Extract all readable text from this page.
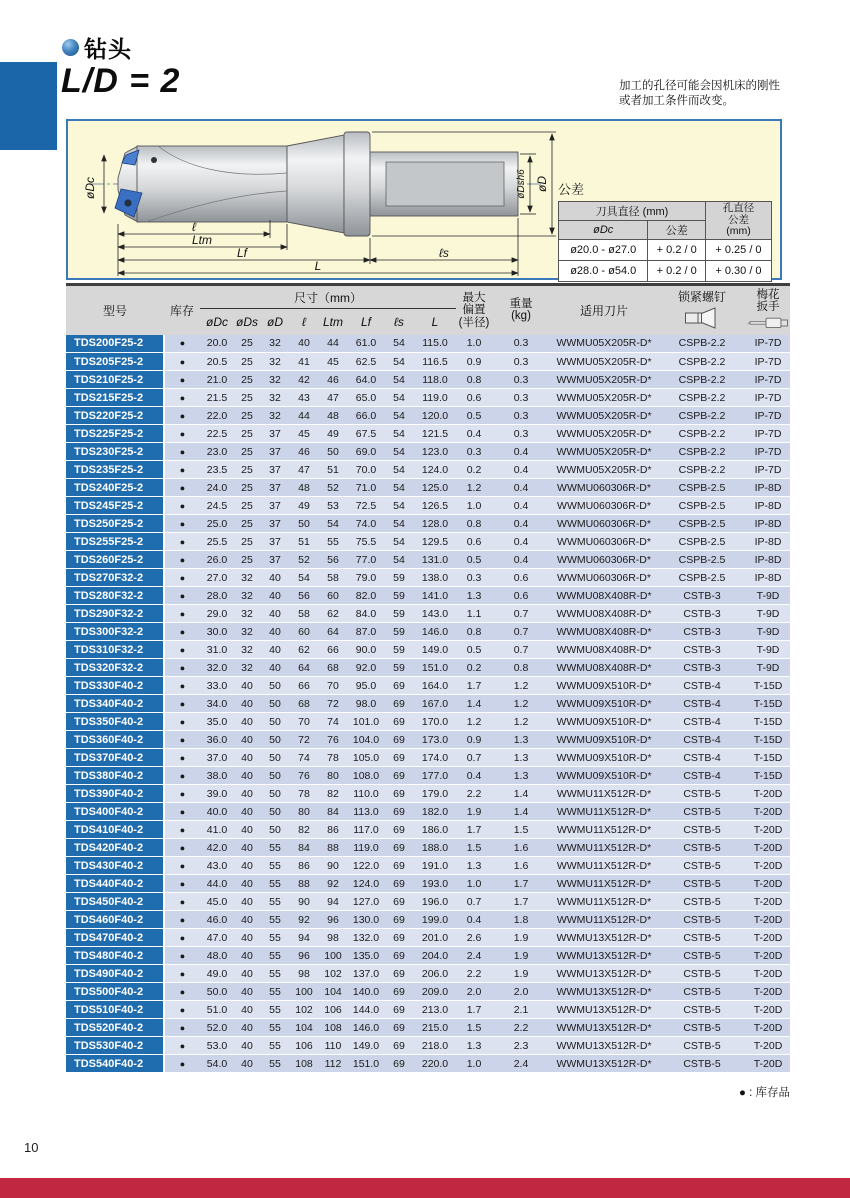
钻头
L/D = 2	加工的孔径可能会因机床的刚性
或者加工条件而改变。
øDc
ℓ
Ltm
Lf	ℓs
L
øDsh6 øD 公差
刀具直径 (mm)		孔直径
公差
(mm)

øDc	公差	
ø20.0 - ø27.0	+ 0.2 / 0	+ 0.25 / 0
ø28.0 - ø54.0	+ 0.2 / 0	+ 0.30 / 0
型号	库存	尺寸（mm）	最大
偏置
(半径)

重量
(kg)	适用刀片	
锁紧螺钉	梅花
扳手

		øDc	øDs	øD	ℓ	Ltm	Lf	ℓs	L					
TDS200F25-2	●	20.0	25	32	40	44	61.0	54	115.0	1.0	0.3	WWMU05X205R-D*	CSPB-2.2	IP-7D
TDS205F25-2	●	20.5	25	32	41	45	62.5	54	116.5	0.9	0.3	WWMU05X205R-D*	CSPB-2.2	IP-7D
TDS210F25-2	●	21.0	25	32	42	46	64.0	54	118.0	0.8	0.3	WWMU05X205R-D*	CSPB-2.2	IP-7D
TDS215F25-2	●	21.5	25	32	43	47	65.0	54	119.0	0.6	0.3	WWMU05X205R-D*	CSPB-2.2	IP-7D
TDS220F25-2	●	22.0	25	32	44	48	66.0	54	120.0	0.5	0.3	WWMU05X205R-D*	CSPB-2.2	IP-7D
TDS225F25-2	●	22.5	25	37	45	49	67.5	54	121.5	0.4	0.3	WWMU05X205R-D*	CSPB-2.2	IP-7D
TDS230F25-2	●	23.0	25	37	46	50	69.0	54	123.0	0.3	0.4	WWMU05X205R-D*	CSPB-2.2	IP-7D
TDS235F25-2	●	23.5	25	37	47	51	70.0	54	124.0	0.2	0.4	WWMU05X205R-D*	CSPB-2.2	IP-7D
TDS240F25-2	●	24.0	25	37	48	52	71.0	54	125.0	1.2	0.4	WWMU060306R-D*	CSPB-2.5	IP-8D
TDS245F25-2	●	24.5	25	37	49	53	72.5	54	126.5	1.0	0.4	WWMU060306R-D*	CSPB-2.5	IP-8D
TDS250F25-2	●	25.0	25	37	50	54	74.0	54	128.0	0.8	0.4	WWMU060306R-D*	CSPB-2.5	IP-8D
TDS255F25-2	●	25.5	25	37	51	55	75.5	54	129.5	0.6	0.4	WWMU060306R-D*	CSPB-2.5	IP-8D
TDS260F25-2	●	26.0	25	37	52	56	77.0	54	131.0	0.5	0.4	WWMU060306R-D*	CSPB-2.5	IP-8D
TDS270F32-2	●	27.0	32	40	54	58	79.0	59	138.0	0.3	0.6	WWMU060306R-D*	CSPB-2.5	IP-8D
TDS280F32-2	●	28.0	32	40	56	60	82.0	59	141.0	1.3	0.6	WWMU08X408R-D*	CSTB-3	T-9D
TDS290F32-2	●	29.0	32	40	58	62	84.0	59	143.0	1.1	0.7	WWMU08X408R-D*	CSTB-3	T-9D
TDS300F32-2	●	30.0	32	40	60	64	87.0	59	146.0	0.8	0.7	WWMU08X408R-D*	CSTB-3	T-9D
TDS310F32-2	●	31.0	32	40	62	66	90.0	59	149.0	0.5	0.7	WWMU08X408R-D*	CSTB-3	T-9D
TDS320F32-2	●	32.0	32	40	64	68	92.0	59	151.0	0.2	0.8	WWMU08X408R-D*	CSTB-3	T-9D
TDS330F40-2	●	33.0	40	50	66	70	95.0	69	164.0	1.7	1.2	WWMU09X510R-D*	CSTB-4	T-15D
TDS340F40-2	●	34.0	40	50	68	72	98.0	69	167.0	1.4	1.2	WWMU09X510R-D*	CSTB-4	T-15D
TDS350F40-2	●	35.0	40	50	70	74	101.0	69	170.0	1.2	1.2	WWMU09X510R-D*	CSTB-4	T-15D
TDS360F40-2	●	36.0	40	50	72	76	104.0	69	173.0	0.9	1.3	WWMU09X510R-D*	CSTB-4	T-15D
TDS370F40-2	●	37.0	40	50	74	78	105.0	69	174.0	0.7	1.3	WWMU09X510R-D*	CSTB-4	T-15D
TDS380F40-2	●	38.0	40	50	76	80	108.0	69	177.0	0.4	1.3	WWMU09X510R-D*	CSTB-4	T-15D
TDS390F40-2	●	39.0	40	50	78	82	110.0	69	179.0	2.2	1.4	WWMU11X512R-D*	CSTB-5	T-20D
TDS400F40-2	●	40.0	40	50	80	84	113.0	69	182.0	1.9	1.4	WWMU11X512R-D*	CSTB-5	T-20D
TDS410F40-2	●	41.0	40	50	82	86	117.0	69	186.0	1.7	1.5	WWMU11X512R-D*	CSTB-5	T-20D
TDS420F40-2	●	42.0	40	55	84	88	119.0	69	188.0	1.5	1.6	WWMU11X512R-D*	CSTB-5	T-20D
TDS430F40-2	●	43.0	40	55	86	90	122.0	69	191.0	1.3	1.6	WWMU11X512R-D*	CSTB-5	T-20D
TDS440F40-2	●	44.0	40	55	88	92	124.0	69	193.0	1.0	1.7	WWMU11X512R-D*	CSTB-5	T-20D
TDS450F40-2	●	45.0	40	55	90	94	127.0	69	196.0	0.7	1.7	WWMU11X512R-D*	CSTB-5	T-20D
TDS460F40-2	●	46.0	40	55	92	96	130.0	69	199.0	0.4	1.8	WWMU11X512R-D*	CSTB-5	T-20D
TDS470F40-2	●	47.0	40	55	94	98	132.0	69	201.0	2.6	1.9	WWMU13X512R-D*	CSTB-5	T-20D
TDS480F40-2	●	48.0	40	55	96	100	135.0	69	204.0	2.4	1.9	WWMU13X512R-D*	CSTB-5	T-20D
TDS490F40-2	●	49.0	40	55	98	102	137.0	69	206.0	2.2	1.9	WWMU13X512R-D*	CSTB-5	T-20D
TDS500F40-2	●	50.0	40	55	100	104	140.0	69	209.0	2.0	2.0	WWMU13X512R-D*	CSTB-5	T-20D
TDS510F40-2	●	51.0	40	55	102	106	144.0	69	213.0	1.7	2.1	WWMU13X512R-D*	CSTB-5	T-20D
TDS520F40-2	●	52.0	40	55	104	108	146.0	69	215.0	1.5	2.2	WWMU13X512R-D*	CSTB-5	T-20D
TDS530F40-2	●	53.0	40	55	106	110	149.0	69	218.0	1.3	2.3	WWMU13X512R-D*	CSTB-5	T-20D
TDS540F40-2	●	54.0	40	55	108	112	151.0	69	220.0	1.0	2.4	WWMU13X512R-D*	CSTB-5	T-20D
● : 库存品
10
